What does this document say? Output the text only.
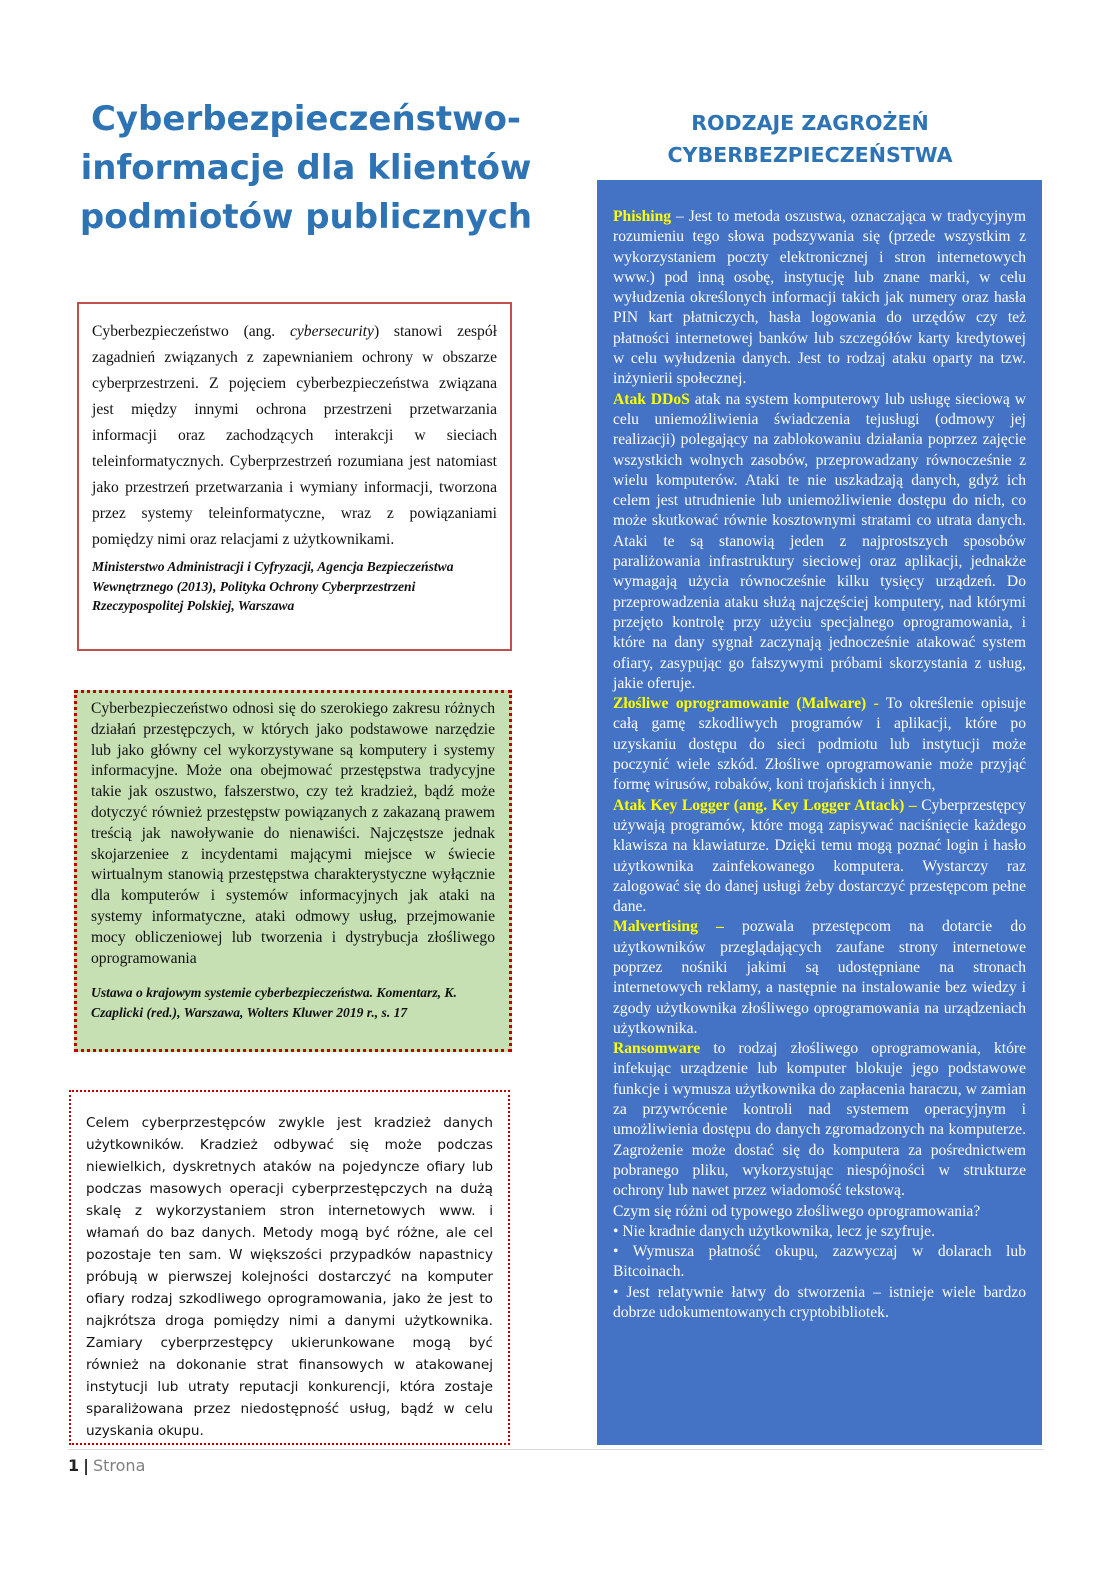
Cyberbezpieczeństwo-
informacje dla klientów
podmiotów publicznych

Cyberbezpieczeństwo (ang. cybersecurity) stanowi zespół zagadnień związanych z zapewnianiem ochrony w obszarze cyberprzestrzeni. Z pojęciem cyberbezpieczeństwa związana jest między innymi ochrona przestrzeni przetwarzania informacji oraz zachodzących interakcji w sieciach teleinformatycznych. Cyberprzestrzeń rozumiana jest natomiast jako przestrzeń przetwarzania i wymiany informacji, tworzona przez systemy teleinformatyczne, wraz z powiązaniami pomiędzy nimi oraz relacjami z użytkownikami.

Ministerstwo Administracji i Cyfryzacji, Agencja Bezpieczeństwa Wewnętrznego (2013), Polityka Ochrony Cyberprzestrzeni Rzeczypospolitej Polskiej, Warszawa

Cyberbezpieczeństwo odnosi się do szerokiego zakresu różnych działań przestępczych, w których jako podstawowe narzędzie lub jako główny cel wykorzystywane są komputery i systemy informacyjne. Może ona obejmować przestępstwa tradycyjne takie jak oszustwo, fałszerstwo, czy też kradzież, bądź może dotyczyć również przestępstw powiązanych z zakazaną prawem treścią jak nawoływanie do nienawiści. Najczęstsze jednak skojarzeniee z incydentami mającymi miejsce w świecie wirtualnym stanowią przestępstwa charakterystyczne wyłącznie dla komputerów i systemów informacyjnych jak ataki na systemy informatyczne, ataki odmowy usług, przejmowanie mocy obliczeniowej lub tworzenia i dystrybucja złośliwego oprogramowania

Ustawa o krajowym systemie cyberbezpieczeństwa. Komentarz, K. Czaplicki (red.), Warszawa, Wolters Kluwer 2019 r., s. 17

Celem cyberprzestępców zwykle jest kradzież danych użytkowników. Kradzież odbywać się może podczas niewielkich, dyskretnych ataków na pojedyncze ofiary lub podczas masowych operacji cyberprzestępczych na dużą skalę z wykorzystaniem stron internetowych www. i włamań do baz danych. Metody mogą być różne, ale cel pozostaje ten sam. W większości przypadków napastnicy próbują w pierwszej kolejności dostarczyć na komputer ofiary rodzaj szkodliwego oprogramowania, jako że jest to najkrótsza droga pomiędzy nimi a danymi użytkownika. Zamiary cyberprzestępcy ukierunkowane mogą być również na dokonanie strat finansowych w atakowanej instytucji lub utraty reputacji konkurencji, która zostaje sparaliżowana przez niedostępność usług, bądź w celu uzyskania okupu.

RODZAJE ZAGROŻEŃ
CYBERBEZPIECZEŃSTWA

Phishing – Jest to metoda oszustwa, oznaczająca w tradycyjnym rozumieniu tego słowa podszywania się (przede wszystkim z wykorzystaniem poczty elektronicznej i stron internetowych www.) pod inną osobę, instytucję lub znane marki, w celu wyłudzenia określonych informacji takich jak numery oraz hasła PIN kart płatniczych, hasła logowania do urzędów czy też płatności internetowej banków lub szczegółów karty kredytowej w celu wyłudzenia danych. Jest to rodzaj ataku oparty na tzw. inżynierii społecznej.

Atak DDoS atak na system komputerowy lub usługę sieciową w celu uniemożliwienia świadczenia tejusługi (odmowy jej realizacji) polegający na zablokowaniu działania poprzez zajęcie wszystkich wolnych zasobów, przeprowadzany równocześnie z wielu komputerów. Ataki te nie uszkadzają danych, gdyż ich celem jest utrudnienie lub uniemożliwienie dostępu do nich, co może skutkować równie kosztownymi stratami co utrata danych. Ataki te są stanowią jeden z najprostszych sposobów paraliżowania infrastruktury sieciowej oraz aplikacji, jednakże wymagają użycia równocześnie kilku tysięcy urządzeń. Do przeprowadzenia ataku służą najczęściej komputery, nad którymi przejęto kontrolę przy użyciu specjalnego oprogramowania, i które na dany sygnał zaczynają jednocześnie atakować system ofiary, zasypując go fałszywymi próbami skorzystania z usług, jakie oferuje.

Złośliwe oprogramowanie (Malware) - To określenie opisuje całą gamę szkodliwych programów i aplikacji, które po uzyskaniu dostępu do sieci podmiotu lub instytucji może poczynić wiele szkód. Złośliwe oprogramowanie może przyjąć formę wirusów, robaków, koni trojańskich i innych,

Atak Key Logger (ang. Key Logger Attack) – Cyberprzestępcy używają programów, które mogą zapisywać naciśnięcie każdego klawisza na klawiaturze. Dzięki temu mogą poznać login i hasło użytkownika zainfekowanego komputera. Wystarczy raz zalogować się do danej usługi żeby dostarczyć przestępcom pełne dane.

Malvertising – pozwala przestępcom na dotarcie do użytkowników przeglądających zaufane strony internetowe poprzez nośniki jakimi są udostępniane na stronach internetowych reklamy, a następnie na instalowanie bez wiedzy i zgody użytkownika złośliwego oprogramowania na urządzeniach użytkownika.

Ransomware to rodzaj złośliwego oprogramowania, które infekując urządzenie lub komputer blokuje jego podstawowe funkcje i wymusza użytkownika do zapłacenia haraczu, w zamian za przywrócenie kontroli nad systemem operacyjnym i umożliwienia dostępu do danych zgromadzonych na komputerze. Zagrożenie może dostać się do komputera za pośrednictwem pobranego pliku, wykorzystując niespójności w strukturze ochrony lub nawet przez wiadomość tekstową.

Czym się różni od typowego złośliwego oprogramowania?

• Nie kradnie danych użytkownika, lecz je szyfruje.

• Wymusza płatność okupu, zazwyczaj w dolarach lub Bitcoinach.

• Jest relatywnie łatwy do stworzenia – istnieje wiele bardzo dobrze udokumentowanych cryptobibliotek.

1 | Strona
